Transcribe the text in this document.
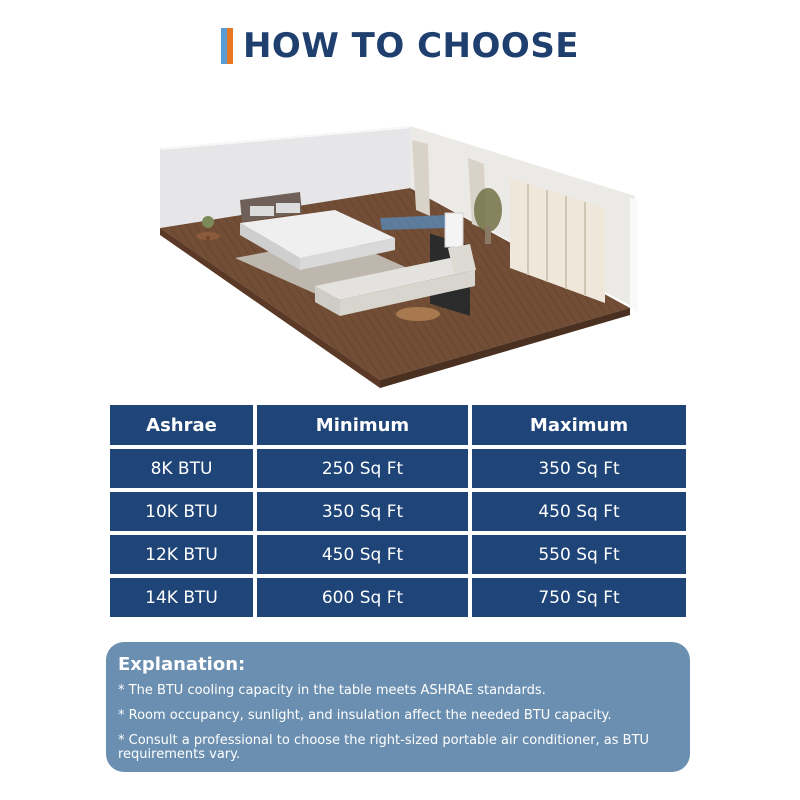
HOW TO CHOOSE
Ashrae	Minimum	Maximum
8K BTU	250 Sq Ft	350 Sq Ft
10K BTU	350 Sq Ft	450 Sq Ft
12K BTU	450 Sq Ft	550 Sq Ft
14K BTU	600 Sq Ft	750 Sq Ft
Explanation:

* The BTU cooling capacity in the table meets ASHRAE standards.

* Room occupancy, sunlight, and insulation affect the needed BTU capacity.

* Consult a professional to choose the right-sized portable air conditioner, as BTU requirements vary.
